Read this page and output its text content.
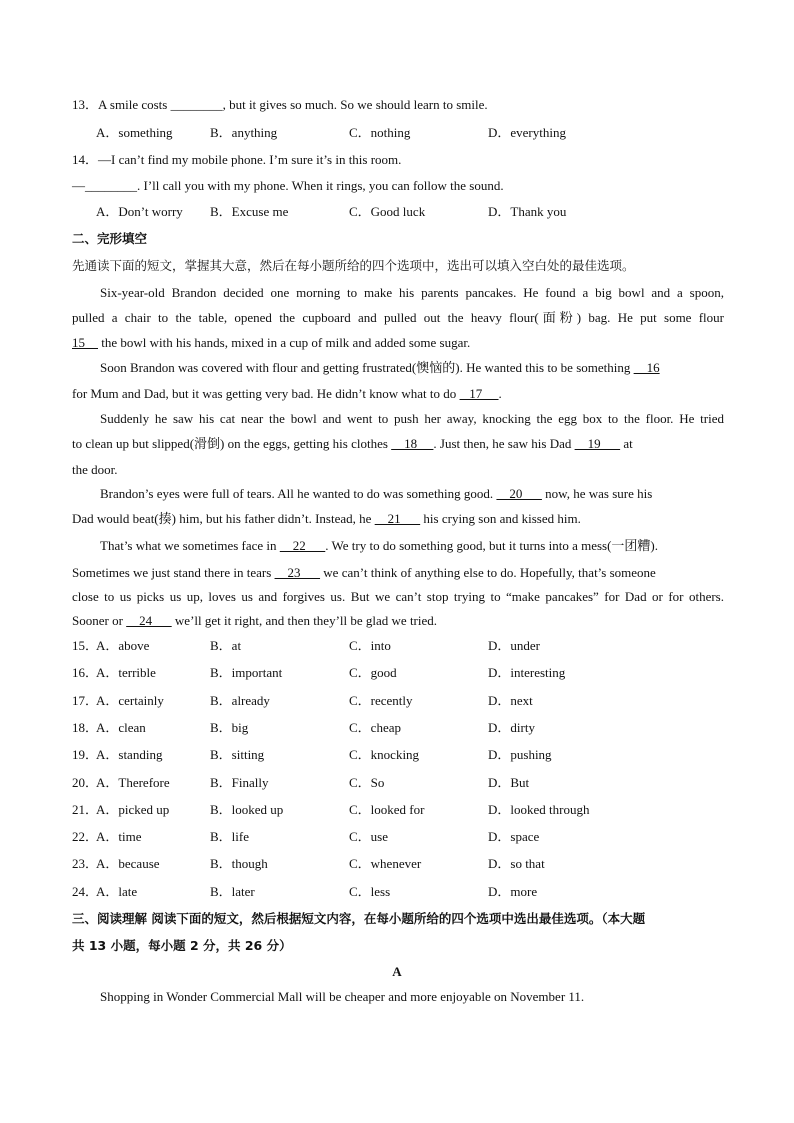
13．A smile costs ________, but it gives so much. So we should learn to smile.
A．something	B．anything	C．nothing	D．everything
14．—I can’t find my mobile phone. I’m sure it’s in this room.
—________. I’ll call you with my phone. When it rings, you can follow the sound.
A．Don’t worry B．Excuse me	C．Good luck	D．Thank you
二、完形填空
先通读下面的短文，掌握其大意，然后在每小题所给的四个选项中，选出可以填入空白处的最佳选项。
Six-year-old Brandon decided one morning to make his parents pancakes. He found a big bowl and a spoon,
pulled a chair to the table, opened the cupboard and pulled out the heavy flour(面粉) bag. He put some flour
15     the bowl with his hands, mixed in a cup of milk and added some sugar.
Soon Brandon was covered with flour and getting frustrated(懊恼的). He wanted this to be something     16
for Mum and Dad, but it was getting very bad. He didn’t know what to do    17     .
Suddenly he saw his cat near the bowl and went to push her away, knocking the egg box to the floor. He tried
to clean up but slipped(滑倒) on the eggs, getting his clothes     18     . Just then, he saw his Dad     19       at
the door.
Brandon’s eyes were full of tears. All he wanted to do was something good.     20       now, he was sure his
Dad would beat(揍) him, but his father didn’t. Instead, he     21       his crying son and kissed him.
That’s what we sometimes face in     22      . We try to do something good, but it turns into a mess(一团糟).
Sometimes we just stand there in tears     23       we can’t think of anything else to do. Hopefully, that’s someone
close to us picks us up, loves us and forgives us. But we can’t stop trying to “make pancakes” for Dad or for others.
Sooner or     24       we’ll get it right, and then they’ll be glad we tried.
15．
A．above	B．at	C．into	D．under
16．
A．terrible	B．important	C．good	D．interesting
17．
A．certainly	B．already	C．recently	D．next
18．
A．clean	B．big	C．cheap	D．dirty
19．
A．standing	B．sitting	C．knocking	D．pushing
20．
A．Therefore	B．Finally	C．So	D．But
21．
A．picked up	B．looked up	C．looked for	D．looked through
22．
A．time	B．life	C．use	D．space
23．
A．because	B．though	C．whenever	D．so that
24．
A．late	B．later	C．less	D．more
三、阅读理解 阅读下面的短文，然后根据短文内容，在每小题所给的四个选项中选出最佳选项。（本大题
共 13 小题，每小题 2 分，共 26 分）
A
Shopping in Wonder Commercial Mall will be cheaper and more enjoyable on November 11.
